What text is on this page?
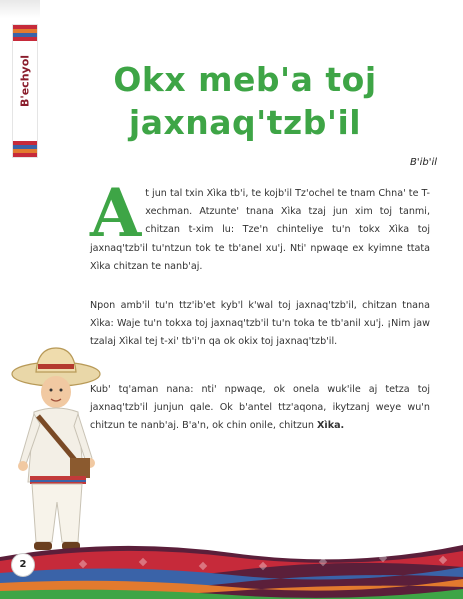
B'echyol	Okx meb'a toj
jaxnaq'tzb'il
B'ib'il
A t jun tal txin Xìka tb'i, te kojb'il Tz'ochel te tnam Chna' te T-xechman. Atzunte' tnana Xìka tzaj jun xim toj tanmi, chitzan t-xim lu: Tze'n chinteliye tu'n tokx Xìka toj jaxnaq'tzb'il tu'ntzun tok te tb'anel xu'j. Nti' npwaqe ex kyimne ttata Xìka chitzan te nanb'aj.
Npon amb'il tu'n ttz'ib'et kyb'l k'wal toj jaxnaq'tzb'il, chitzan tnana Xìka: Waje tu'n tokxa toj jaxnaq'tzb'il tu'n toka te tb'anil xu'j. ¡Nim jaw tzalaj Xìkal tej t-xi' tb'i'n qa ok okix toj jaxnaq'tzb'il.
Kub' tq'aman nana: nti' npwaqe, ok onela wuk'ile aj tetza toj jaxnaq'tzb'il junjun qale. Ok b'antel ttz'aqona, ikytzanj weye wu'n chitzun te nanb'aj. B'a'n, ok chin onile, chitzun Xìka.
2
